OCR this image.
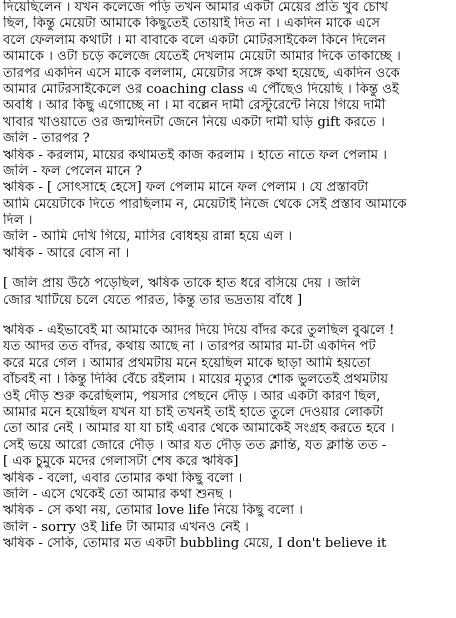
দিয়েছিলেন । যখন কলেজে পড়ি তখন আমার একটা মেয়ের প্রতি খুব চোখ
ছিল, কিন্তু মেয়েটা আমাকে কিছুতেই তোয়াই দিত না । একদিন মাকে এসে
বলে ফেললাম কথাটা । মা বাবাকে বলে একটা মোটরসাইকেল কিনে দিলেন
আমাকে । ওটা চড়ে কলেজে যেতেই দেখলাম মেয়েটা আমার দিকে তাকাচ্ছে ।
তারপর একদিন এসে মাকে বললাম, মেয়েটার সঙ্গে কথা হয়েছে, একদিন ওকে
আমার মোটরসাইকেলে ওর coaching class এ পৌঁছেও দিয়েছি । কিন্তু ওই
অবধি । আর কিছু এগোচ্ছে না । মা বল্লেন দামী রেস্টুরেন্টে নিয়ে গিয়ে দামী
খাবার খাওয়াতে ওর জন্মদিনটা জেনে নিয়ে একটা দামী ঘড়ি gift করতে ।
জলি - তারপর ?
ঋষিক - করলাম, মায়ের কথামতই কাজ করলাম । হাতে নাতে ফল পেলাম ।
জলি - ফল পেলেন মানে ?
ঋষিক - [ সোৎসাহে হেসে] ফল পেলাম মানে ফল পেলাম । যে প্রস্তাবটা
আমি মেয়েটাকে দিতে পারছিলাম ন, মেয়েটাই নিজে থেকে সেই প্রস্তাব আমাকে
দিল ।
জলি - আমি দেখি গিয়ে, মাসির বোধহয় রান্না হয়ে এল ।
ঋষিক - আরে বোস না ।
[ জলি প্রায় উঠে পড়েছিল, ঋষিক তাকে হাত ধরে বসিয়ে দেয় । জলি
জোর খাটিয়ে চলে যেতে পারত, কিন্তু তার ভদ্রতায় বাঁধে ]
ঋষিক - এইভাবেই মা আমাকে আদর দিয়ে দিয়ে বাঁদর করে তুলছিল বুঝলে !
যত আদর তত বাঁদর, কথায় আছে না । তারপর আমার মা-টা একদিন পট
করে মরে গেল । আমার প্রথমটায় মনে হয়েছিল মাকে ছাড়া আমি হয়তো
বাঁচবই না । কিন্তু দিব্বি বেঁচে রইলাম । মায়ের মৃত্যুর শোক ভুলতেই প্রথমটায়
ওই দৌড় শুরু করেছিলাম, পয়সার পেছনে দৌড় । আর একটা কারণ ছিল,
আমার মনে হয়েছিল যখন যা চাই তখনই তাই হাতে তুলে দেওয়ার লোকটা
তো আর নেই । আমার যা যা চাই এবার থেকে আমাকেই সংগ্রহ করতে হবে ।
সেই ভয়ে আরো জোরে দৌড় । আর যত দৌড় তত ক্লান্তি, যত ক্লান্তি তত -
[ এক চুমুকে মদের গেলাসটা শেষ করে ঋষিক]
ঋষিক - বলো, এবার তোমার কথা কিছু বলো ।
জলি - এসে থেকেই তো আমার কথা শুনছ ।
ঋষিক - সে কথা নয়, তোমার love life নিয়ে কিছু বলো ।
জলি - sorry ওই life টা আমার এখনও নেই ।
ঋষিক - সেকি, তোমার মত একটা bubbling মেয়ে, I don't believe it
